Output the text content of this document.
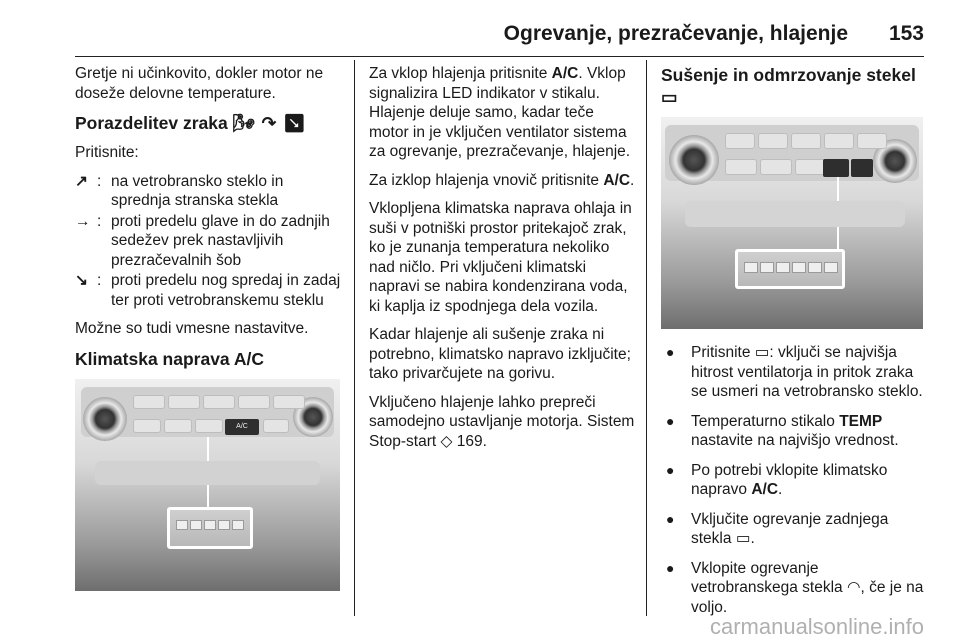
Ogrevanje, prezračevanje, hlajenje 153

Gretje ni učinkovito, dokler motor ne doseže delovne temperature.

Porazdelitev zraka 🌬 ↷ ↘

Pritisnite:

↗ : na vetrobransko steklo in sprednja stranska stekla
→ : proti predelu glave in do zadnjih sedežev prek nastavljivih prezračevalnih šob
↘ : proti predelu nog spredaj in zadaj ter proti vetrobranskemu steklu

Možne so tudi vmesne nastavitve.

Klimatska naprava A/C
A/C

Za vklop hlajenja pritisnite A/C. Vklop signalizira LED indikator v stikalu. Hlajenje deluje samo, kadar teče motor in je vključen ventilator sistema za ogrevanje, prezračevanje, hlajenje.

Za izklop hlajenja vnovič pritisnite A/C.

Vklopljena klimatska naprava ohlaja in suši v potniški prostor pritekajoč zrak, ko je zunanja temperatura nekoliko nad ničlo. Pri vključeni klimatski napravi se nabira kondenzirana voda, ki kaplja iz spodnjega dela vozila.

Kadar hlajenje ali sušenje zraka ni potrebno, klimatsko napravo izključite; tako privarčujete na gorivu.

Vključeno hlajenje lahko prepreči samodejno ustavljanje motorja. Sistem Stop-start ◇ 169.

Sušenje in odmrzovanje stekel ▭
● Pritisnite ▭: vključi se najvišja hitrost ventilatorja in pritok zraka se usmeri na vetrobransko steklo.
● Temperaturno stikalo TEMP nastavite na najvišjo vrednost.
● Po potrebi vklopite klimatsko napravo A/C.
● Vključite ogrevanje zadnjega stekla ▭.
● Vklopite ogrevanje vetrobranskega stekla ◠, če je na voljo.
carmanualsonline.info
